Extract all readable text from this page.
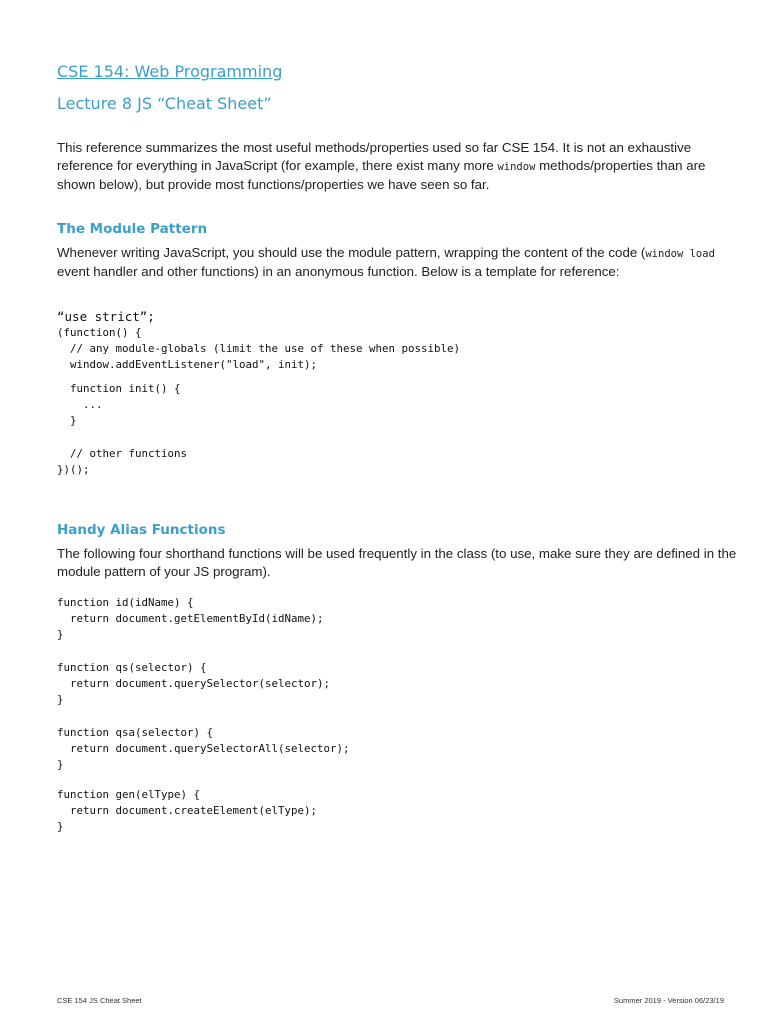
CSE 154: Web Programming
Lecture 8 JS “Cheat Sheet”

This reference summarizes the most useful methods/properties used so far CSE 154. It is not an exhaustive reference for everything in JavaScript (for example, there exist many more window methods/properties than are shown below), but provide most functions/properties we have seen so far.

The Module Pattern

Whenever writing JavaScript, you should use the module pattern, wrapping the content of the code (window load event handler and other functions) in an anonymous function. Below is a template for reference:

“use strict”;
(function() {
// any module-globals (limit the use of these when possible)
window.addEventListener("load", init);
function init() {
...
}
// other functions
})();
Handy Alias Functions

The following four shorthand functions will be used frequently in the class (to use, make sure they are defined in the module pattern of your JS program).

function id(idName) {
return document.getElementById(idName);
}
function qs(selector) {
return document.querySelector(selector);
}
function qsa(selector) {
return document.querySelectorAll(selector);
}
function gen(elType) {
return document.createElement(elType);
}
CSE 154 JS Cheat Sheet	Summer 2019 - Version 06/23/19
